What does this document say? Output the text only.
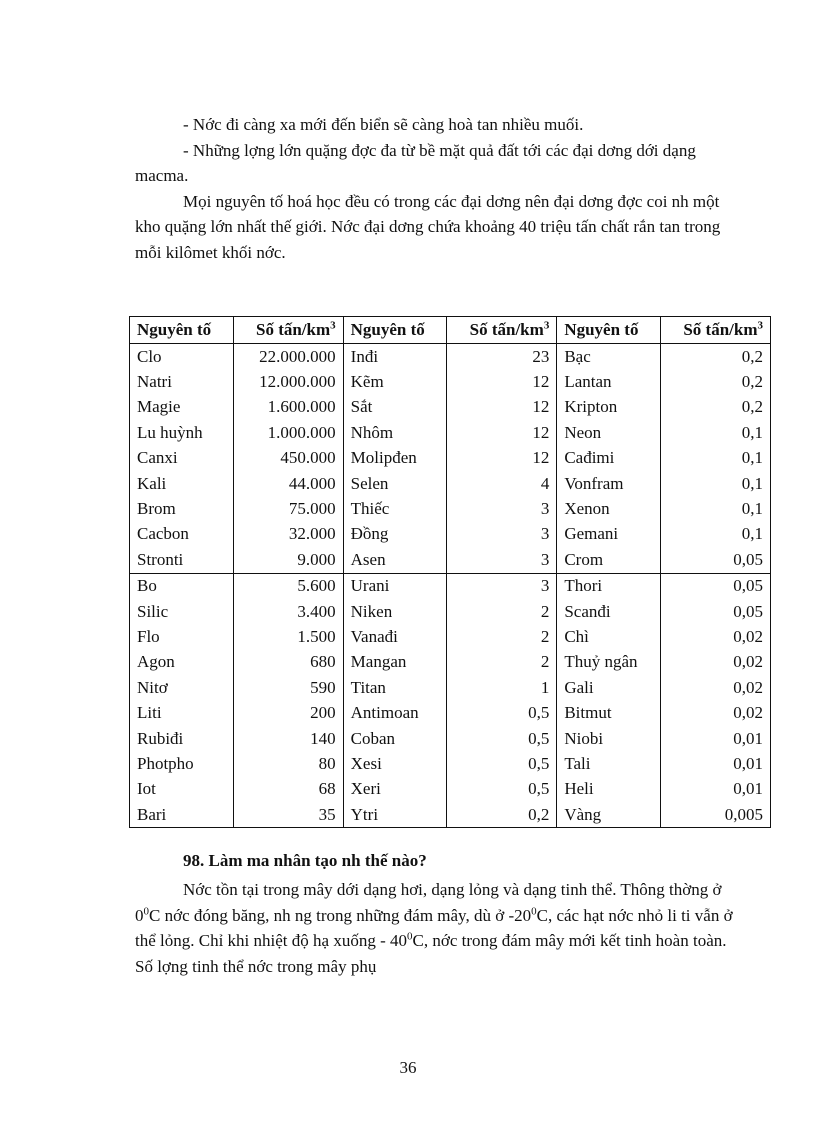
- Nớc đi càng xa mới đến biển sẽ càng hoà tan nhiều muối.

- Những lợng lớn quặng đợc đa từ bề mặt quả đất tới các đại dơng dới dạng macma.

Mọi nguyên tố hoá học đều có trong các đại dơng nên đại dơng đợc coi nh một kho quặng lớn nhất thế giới. Nớc đại dơng chứa khoảng 40 triệu tấn chất rắn tan trong mỗi kilômet khối nớc.

Nguyên tố	Số tấn/$km^3$	Nguyên tố	Số tấn/$km^3$	Nguyên tố	Số tấn/$km^3$
Clo	22.000.000	Inđi	23	Bạc	0,2
Natri	12.000.000	Kẽm	12	Lantan	0,2
Magie	1.600.000	Sắt	12	Kripton	0,2
Lu huỳnh	1.000.000	Nhôm	12	Neon	0,1
Canxi	450.000	Molipđen	12	Cađimi	0,1
Kali	44.000	Selen	4	Vonfram	0,1
Brom	75.000	Thiếc	3	Xenon	0,1
Cacbon	32.000	Đồng	3	Gemani	0,1
Stronti	9.000	Asen	3	Crom	0,05
Bo	5.600	Urani	3	Thori	0,05
Silic	3.400	Niken	2	Scanđi	0,05
Flo	1.500	Vanađi	2	Chì	0,02
Agon	680	Mangan	2	Thuỷ ngân	0,02
Nitơ	590	Titan	1	Gali	0,02
Liti	200	Antimoan	0,5	Bitmut	0,02
Rubiđi	140	Coban	0,5	Niobi	0,01
Photpho	80	Xesi	0,5	Tali	0,01
Iot	68	Xeri	0,5	Heli	0,01
Bari	35	Ytri	0,2	Vàng	0,005
98. Làm ma nhân tạo nh thế nào?

Nớc tồn tại trong mây dới dạng hơi, dạng lỏng và dạng tinh thể. Thông thờng ở $0^0C$ nớc đóng băng, nh ng trong những đám mây, dù ở $-20^0C$, các hạt nớc nhỏ li ti vẫn ở thể lỏng. Chỉ khi nhiệt độ hạ xuống - $40^0C$, nớc trong đám mây mới kết tinh hoàn toàn. Số lợng tinh thể nớc trong mây phụ

36
